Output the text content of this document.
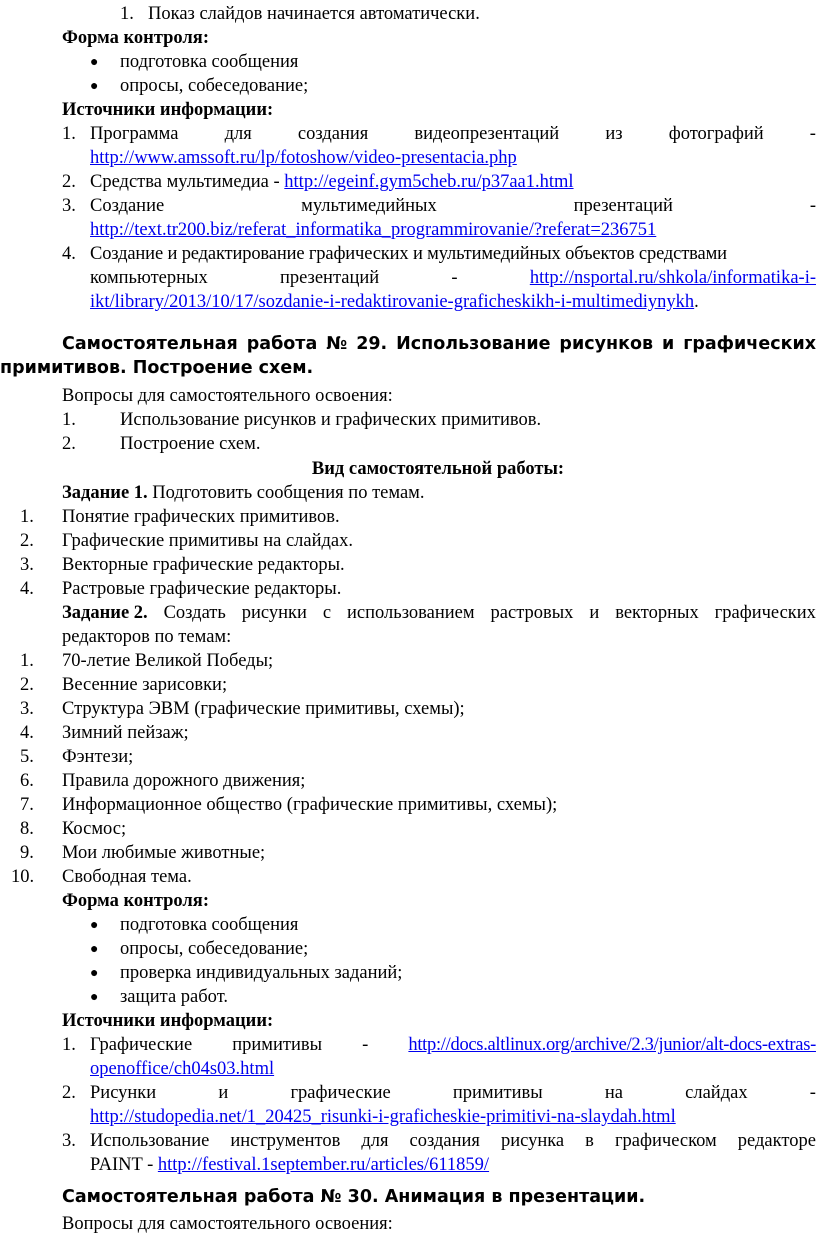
1. Показ слайдов начинается автоматически.
Форма контроля:
● подготовка сообщения
● опросы, собеседование;
Источники информации:
1. Программа для создания видеопрезентаций из фотографий -
http://www.amssoft.ru/lp/fotoshow/video-presentacia.php
2. Средства мультимедиа - http://egeinf.gym5cheb.ru/p37aa1.html
3. Создание	мультимедийных	презентаций	-
http://text.tr200.biz/referat_informatika_programmirovanie/?referat=236751
4. Создание и редактирование графических и мультимедийных объектов средствами
компьютерных	презентаций	-	http://nsportal.ru/shkola/informatika-i-
ikt/library/2013/10/17/sozdanie-i-redaktirovanie-graficheskikh-i-multimediynykh.
Самостоятельная работа № 29. Использование рисунков и графических
примитивов. Построение схем.
Вопросы для самостоятельного освоения:
1. Использование рисунков и графических примитивов.
2. Построение схем.
Вид самостоятельной работы:
Задание 1. Подготовить сообщения по темам.
1. Понятие графических примитивов.
2. Графические примитивы на слайдах.
3. Векторные графические редакторы.
4. Растровые графические редакторы.
Задание 2. Создать рисунки с использованием растровых и векторных графических
редакторов по темам:
1. 70-летие Великой Победы;
2. Весенние зарисовки;
3. Структура ЭВМ (графические примитивы, схемы);
4. Зимний пейзаж;
5. Фэнтези;
6. Правила дорожного движения;
7. Информационное общество (графические примитивы, схемы);
8. Космос;
9. Мои любимые животные;
10. Свободная тема.
Форма контроля:
● подготовка сообщения
● опросы, собеседование;
● проверка индивидуальных заданий;
● защита работ.
Источники информации:
1. Графические примитивы - http://docs.altlinux.org/archive/2.3/junior/alt-docs-extras-
openoffice/ch04s03.html
2. Рисунки	и	графические	примитивы	на	слайдах	-
http://studopedia.net/1_20425_risunki-i-graficheskie-primitivi-na-slaydah.html
3. Использование инструментов для создания рисунка в графическом редакторе
PAINT - http://festival.1september.ru/articles/611859/
Самостоятельная работа № 30. Анимация в презентации.
Вопросы для самостоятельного освоения:
